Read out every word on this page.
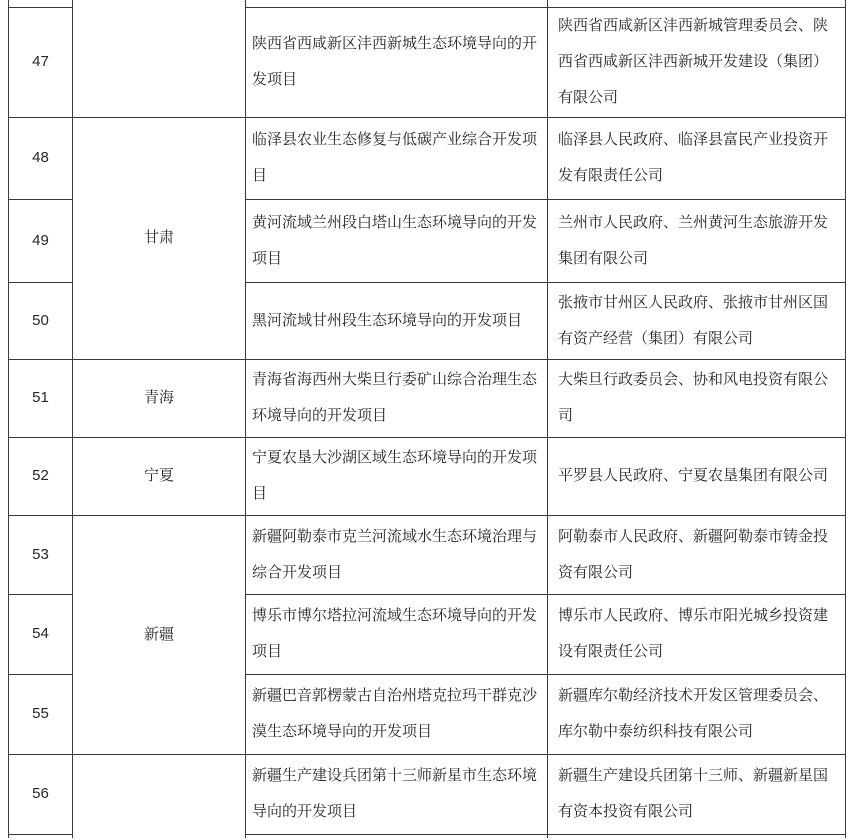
47		陕西省西咸新区沣西新城生态环境导向的开发项目	陕西省西咸新区沣西新城管理委员会、陕西省西咸新区沣西新城开发建设（集团）有限公司
48	甘肃	临泽县农业生态修复与低碳产业综合开发项目	临泽县人民政府、临泽县富民产业投资开发有限责任公司
49		黄河流域兰州段白塔山生态环境导向的开发项目	兰州市人民政府、兰州黄河生态旅游开发集团有限公司
50		黑河流域甘州段生态环境导向的开发项目	张掖市甘州区人民政府、张掖市甘州区国有资产经营（集团）有限公司
51	青海	青海省海西州大柴旦行委矿山综合治理生态环境导向的开发项目	大柴旦行政委员会、协和风电投资有限公司
52	宁夏	宁夏农垦大沙湖区域生态环境导向的开发项目	平罗县人民政府、宁夏农垦集团有限公司
53	新疆	新疆阿勒泰市克兰河流域水生态环境治理与综合开发项目	阿勒泰市人民政府、新疆阿勒泰市铸金投资有限公司
54		博乐市博尔塔拉河流域生态环境导向的开发项目	博乐市人民政府、博乐市阳光城乡投资建设有限责任公司
55		新疆巴音郭楞蒙古自治州塔克拉玛干群克沙漠生态环境导向的开发项目	新疆库尔勒经济技术开发区管理委员会、库尔勒中泰纺织科技有限公司
56		新疆生产建设兵团第十三师新星市生态环境导向的开发项目	新疆生产建设兵团第十三师、新疆新星国有资本投资有限公司
